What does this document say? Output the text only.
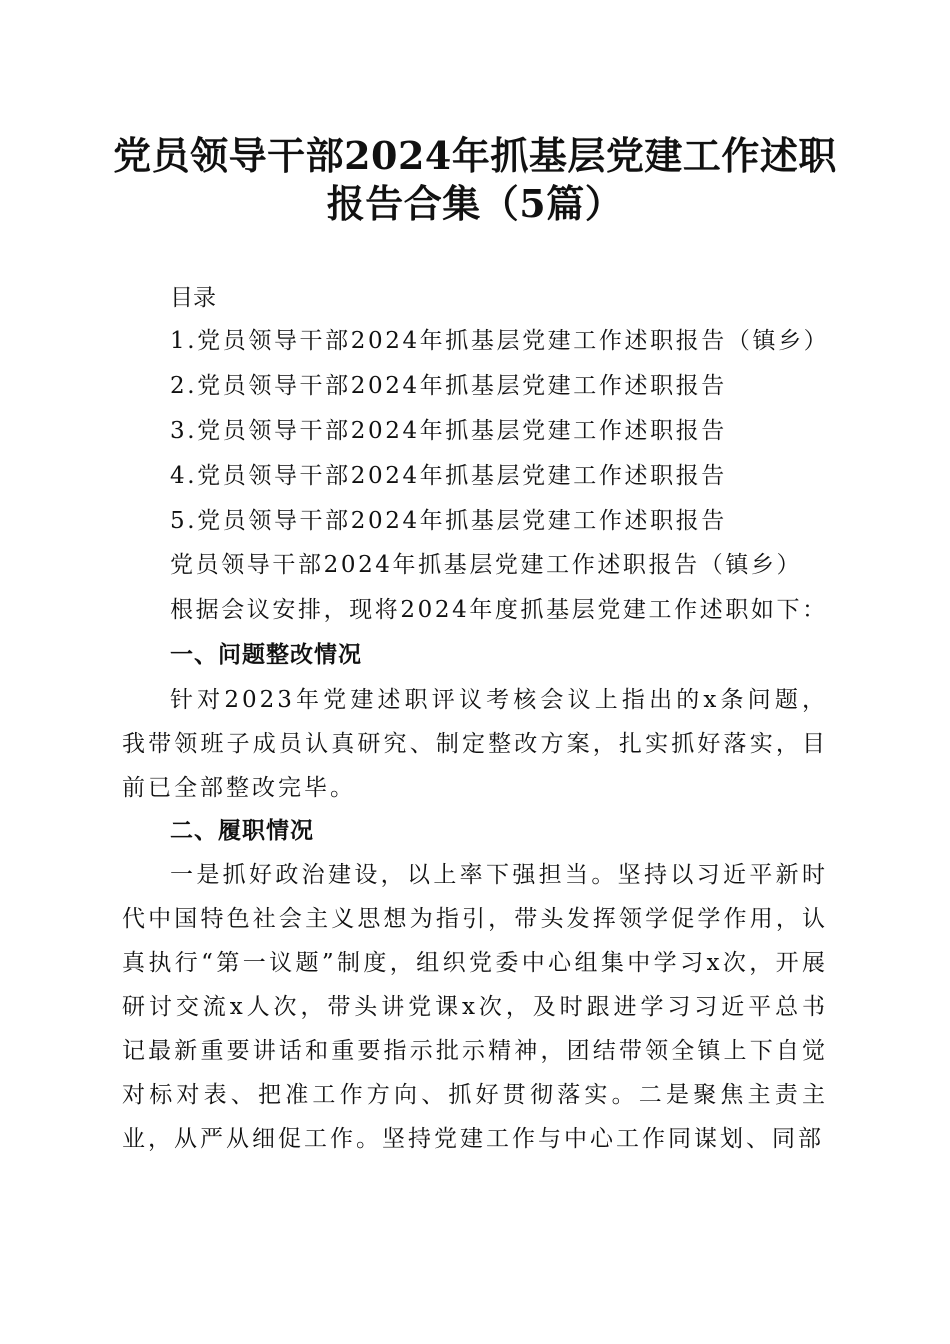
党员领导干部2024年抓基层党建工作述职报告合集（5篇）

目录

1.党员领导干部2024年抓基层党建工作述职报告（镇乡）

2.党员领导干部2024年抓基层党建工作述职报告

3.党员领导干部2024年抓基层党建工作述职报告

4.党员领导干部2024年抓基层党建工作述职报告

5.党员领导干部2024年抓基层党建工作述职报告

党员领导干部2024年抓基层党建工作述职报告（镇乡）

根据会议安排，现将2024年度抓基层党建工作述职如下：

一、问题整改情况

针对2023年党建述职评议考核会议上指出的x条问题，我带领班子成员认真研究、制定整改方案，扎实抓好落实，目前已全部整改完毕。

二、履职情况

一是抓好政治建设，以上率下强担当。坚持以习近平新时代中国特色社会主义思想为指引，带头发挥领学促学作用，认真执行“第一议题”制度，组织党委中心组集中学习x次，开展研讨交流x人次，带头讲党课x次，及时跟进学习习近平总书记最新重要讲话和重要指示批示精神，团结带领全镇上下自觉对标对表、把准工作方向、抓好贯彻落实。二是聚焦主责主业，从严从细促工作。坚持党建工作与中心工作同谋划、同部
